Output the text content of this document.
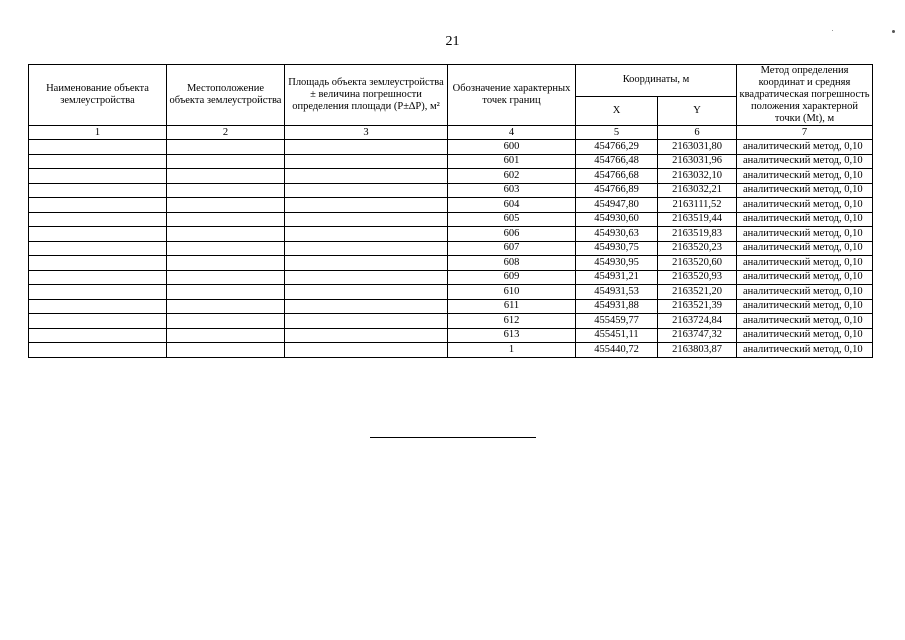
21
Наименование объекта землеустройства	Местоположение объекта землеустройства	Площадь объекта землеустройства ± величина погрешности определения площади (Р±∆Р), м²	Обозначение характерных точек границ	Координаты, м		Метод определения координат и средняя квадратическая погрешность положения характерной точки (Мt), м
				X	Y	
1	2	3	4	5	6	7
			600	454766,29	2163031,80	аналитический метод, 0,10
			601	454766,48	2163031,96	аналитический метод, 0,10
			602	454766,68	2163032,10	аналитический метод, 0,10
			603	454766,89	2163032,21	аналитический метод, 0,10
			604	454947,80	2163111,52	аналитический метод, 0,10
			605	454930,60	2163519,44	аналитический метод, 0,10
			606	454930,63	2163519,83	аналитический метод, 0,10
			607	454930,75	2163520,23	аналитический метод, 0,10
			608	454930,95	2163520,60	аналитический метод, 0,10
			609	454931,21	2163520,93	аналитический метод, 0,10
			610	454931,53	2163521,20	аналитический метод, 0,10
			611	454931,88	2163521,39	аналитический метод, 0,10
			612	455459,77	2163724,84	аналитический метод, 0,10
			613	455451,11	2163747,32	аналитический метод, 0,10
			1	455440,72	2163803,87	аналитический метод, 0,10
